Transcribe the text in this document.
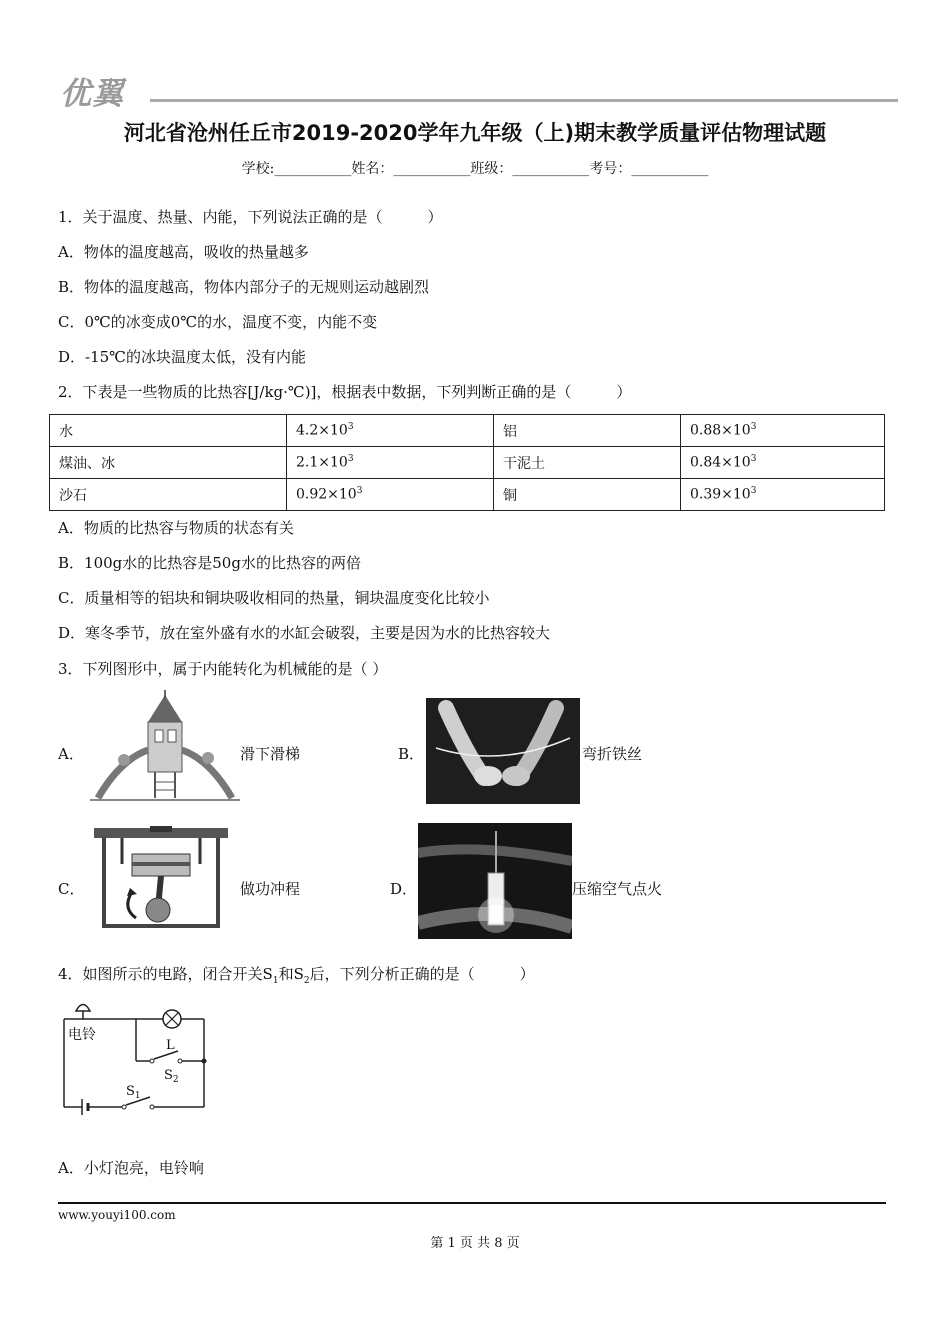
优翼
河北省沧州任丘市2019-2020学年九年级（上)期末教学质量评估物理试题
学校:___________姓名：___________班级：___________考号：___________
1．关于温度、热量、内能，下列说法正确的是（　　　）
A．物体的温度越高，吸收的热量越多
B．物体的温度越高，物体内部分子的无规则运动越剧烈
C．0℃的冰变成0℃的水，温度不变，内能不变
D．-15℃的冰块温度太低，没有内能
2．下表是一些物质的比热容[J/kg·℃)]，根据表中数据，下列判断正确的是（　　　）
水	$4.2\times 10^3$	铝	$0.88\times 10^3$
煤油、冰	$2.1\times 10^3$	干泥土	$0.84\times 10^3$
沙石	$0.92\times 10^3$	铜	$0.39\times 10^3$
A．物质的比热容与物质的状态有关
B．100g水的比热容是50g水的比热容的两倍
C．质量相等的铝块和铜块吸收相同的热量，铜块温度变化比较小
D．寒冬季节，放在室外盛有水的水缸会破裂，主要是因为水的比热容较大
3．下列图形中，属于内能转化为机械能的是（ ）
A．	滑下滑梯	B．	弯折铁丝
C．	做功冲程	D．	压缩空气点火
4．如图所示的电路，闭合开关$S_1$和$S_2$后，下列分析正确的是（　　　）
电铃
L
$S_2$
$S_1$
A．小灯泡亮，电铃响
www.youyi100.com
第 1 页 共 8 页
